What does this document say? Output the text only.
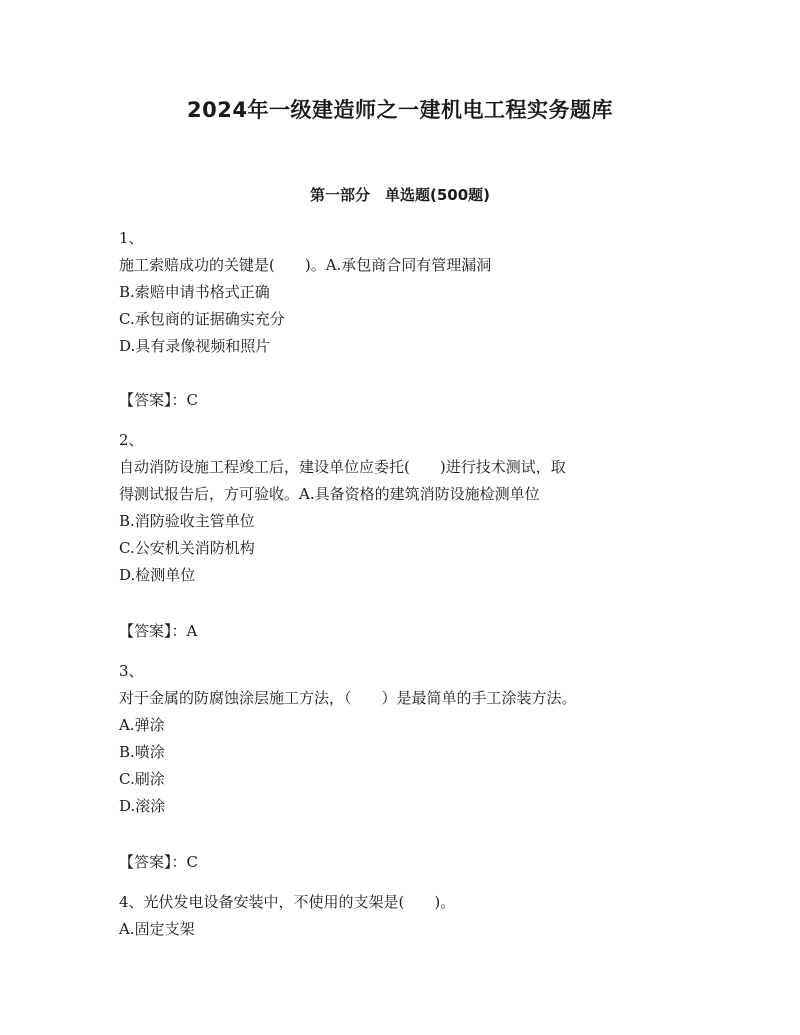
2024年一级建造师之一建机电工程实务题库
第一部分　单选题(500题)
1、
施工索赔成功的关键是(　　)。A.承包商合同有管理漏洞
B.索赔申请书格式正确
C.承包商的证据确实充分
D.具有录像视频和照片
【答案】：C
2、
自动消防设施工程竣工后，建设单位应委托(　　)进行技术测试，取
得测试报告后，方可验收。A.具备资格的建筑消防设施检测单位
B.消防验收主管单位
C.公安机关消防机构
D.检测单位
【答案】：A
3、
对于金属的防腐蚀涂层施工方法，（　　）是最简单的手工涂装方法。
A.弹涂
B.喷涂
C.刷涂
D.滚涂
【答案】：C
4、光伏发电设备安装中，不使用的支架是(　　)。
A.固定支架
